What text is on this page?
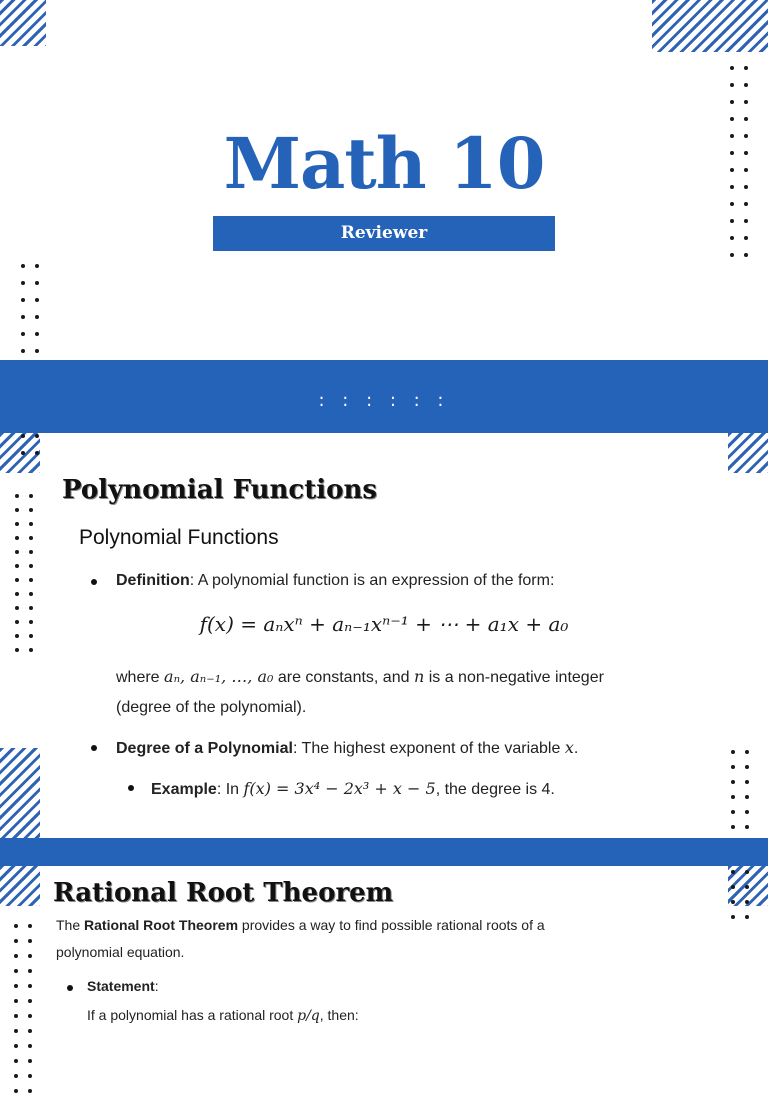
Math 10
Reviewer
: : : : : :
Polynomial Functions
Polynomial Functions
Definition: A polynomial function is an expression of the form:
f(x) = aₙxⁿ + aₙ₋₁xⁿ⁻¹ + ⋯ + a₁x + a₀
where aₙ, aₙ₋₁, …, a₀ are constants, and n is a non-negative integer
(degree of the polynomial).
Degree of a Polynomial: The highest exponent of the variable x.
Example: In f(x) = 3x⁴ − 2x³ + x − 5, the degree is 4.
Rational Root Theorem
The Rational Root Theorem provides a way to find possible rational roots of a
polynomial equation.
Statement:
If a polynomial has a rational root p/q, then:
